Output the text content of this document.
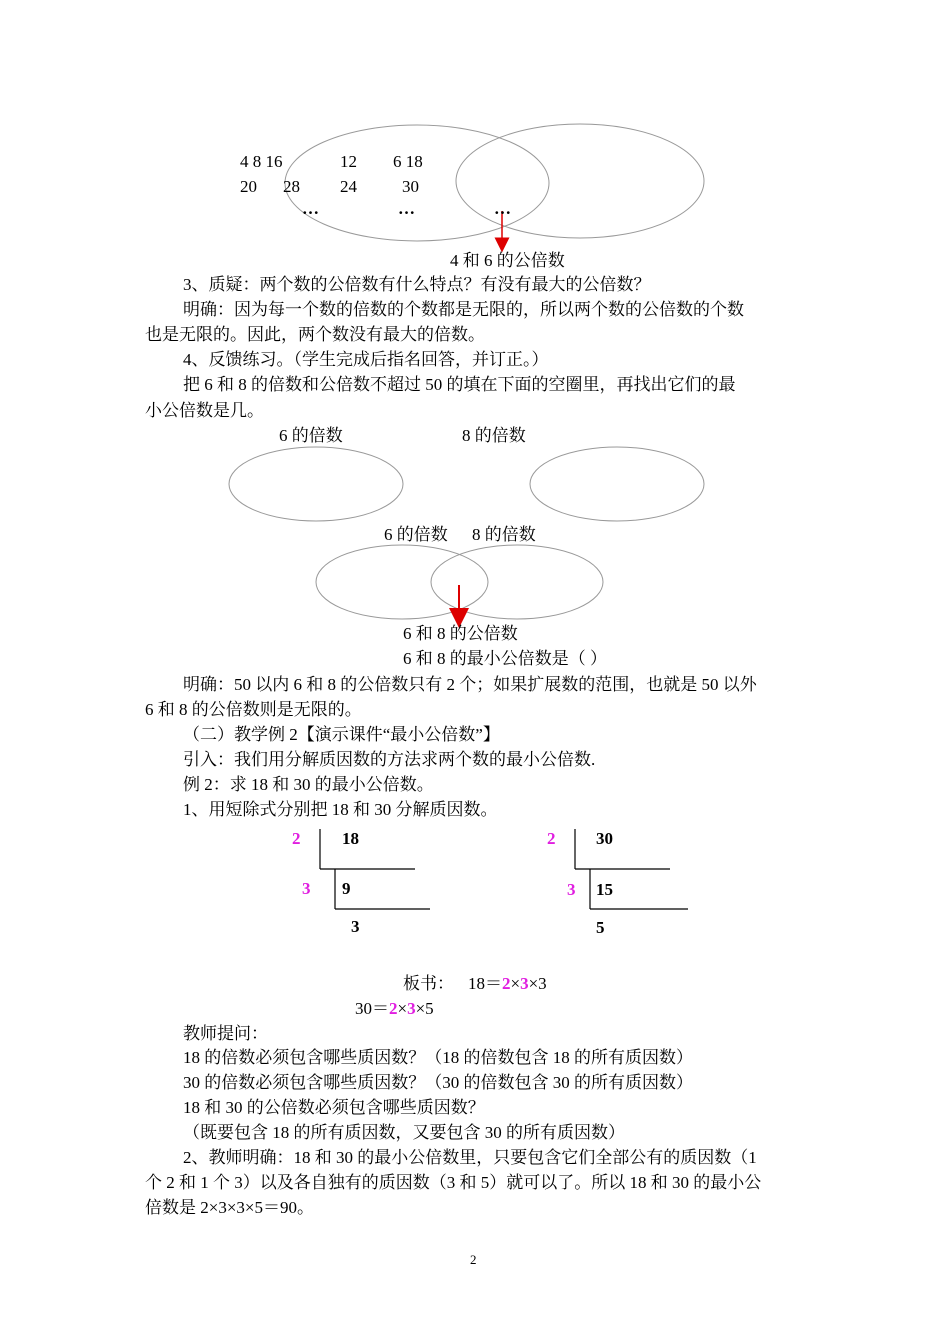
4 8 16	12 6 18
20 28 24	30
…	…	…
4 和 6 的公倍数
3、质疑：两个数的公倍数有什么特点？有没有最大的公倍数？
明确：因为每一个数的倍数的个数都是无限的，所以两个数的公倍数的个数
也是无限的。因此，两个数没有最大的倍数。
4、反馈练习。（学生完成后指名回答，并订正。）
把 6 和 8 的倍数和公倍数不超过 50 的填在下面的空圈里，再找出它们的最
小公倍数是几。
6 的倍数	8 的倍数
6 的倍数 8 的倍数
6 和 8 的公倍数
6 和 8 的最小公倍数是（ ）
明确：50 以内 6 和 8 的公倍数只有 2 个；如果扩展数的范围，也就是 50 以外
6 和 8 的公倍数则是无限的。
（二）教学例 2【演示课件“最小公倍数”】
引入：我们用分解质因数的方法求两个数的最小公倍数.
例 2：求 18 和 30 的最小公倍数。
1、用短除式分别把 18 和 30 分解质因数。
2 18
3 9
3
2 30
3 15
5
板书： 18＝2×3×3
30＝2×3×5
教师提问：
18 的倍数必须包含哪些质因数？（18 的倍数包含 18 的所有质因数）
30 的倍数必须包含哪些质因数？（30 的倍数包含 30 的所有质因数）
18 和 30 的公倍数必须包含哪些质因数？
（既要包含 18 的所有质因数，又要包含 30 的所有质因数）
2、教师明确：18 和 30 的最小公倍数里，只要包含它们全部公有的质因数（1
个 2 和 1 个 3）以及各自独有的质因数（3 和 5）就可以了。所以 18 和 30 的最小公
倍数是 2×3×3×5＝90。
2
